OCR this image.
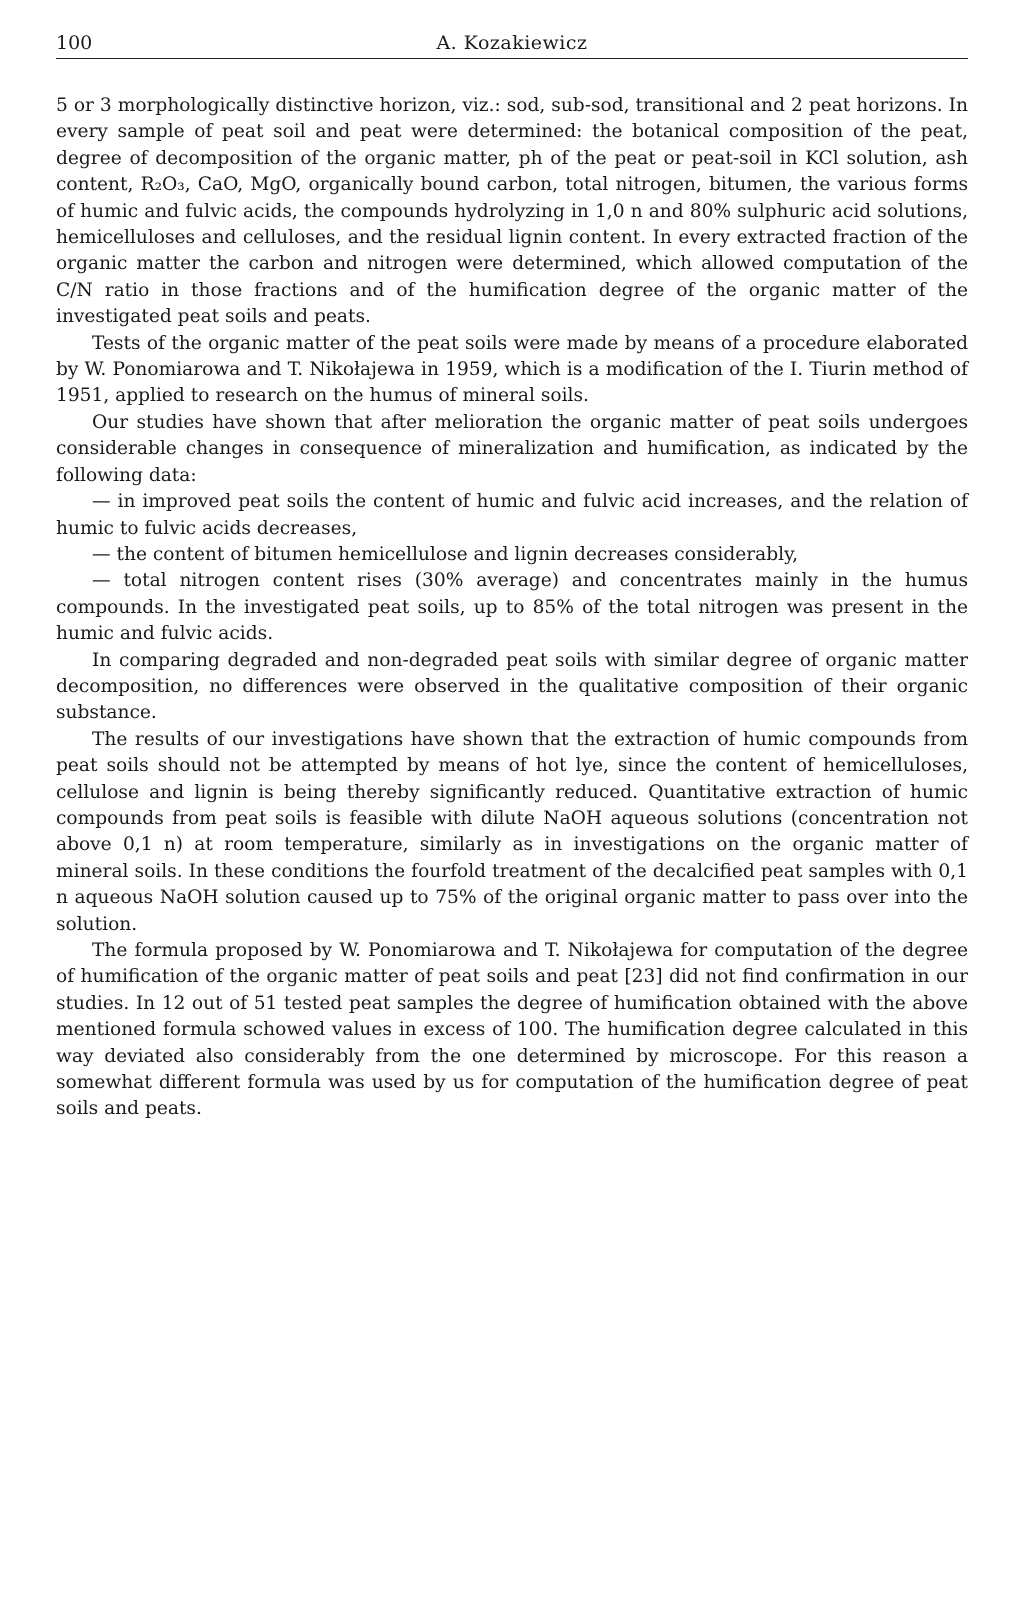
100	A. Kozakiewicz

5 or 3 morphologically distinctive horizon, viz.: sod, sub-sod, transitional and 2 peat horizons. In every sample of peat soil and peat were determined: the botanical composition of the peat, degree of decomposition of the organic matter, ph of the peat or peat-soil in KCl solution, ash content, R₂O₃, CaO, MgO, organically bound carbon, total nitrogen, bitumen, the various forms of humic and fulvic acids, the compounds hydrolyzing in 1,0 n and 80% sulphuric acid solutions, hemicelluloses and celluloses, and the residual lignin content. In every extracted fraction of the organic matter the carbon and nitrogen were determined, which allowed computation of the C/N ratio in those fractions and of the humification degree of the organic matter of the investigated peat soils and peats.

Tests of the organic matter of the peat soils were made by means of a procedure elaborated by W. Ponomiarowa and T. Nikołajewa in 1959, which is a modification of the I. Tiurin method of 1951, applied to research on the humus of mineral soils.

Our studies have shown that after melioration the organic matter of peat soils undergoes considerable changes in consequence of mineralization and humification, as indicated by the following data:

— in improved peat soils the content of humic and fulvic acid increases, and the relation of humic to fulvic acids decreases,

— the content of bitumen hemicellulose and lignin decreases considerably,

— total nitrogen content rises (30% average) and concentrates mainly in the humus compounds. In the investigated peat soils, up to 85% of the total nitrogen was present in the humic and fulvic acids.

In comparing degraded and non-degraded peat soils with similar degree of organic matter decomposition, no differences were observed in the qualitative composition of their organic substance.

The results of our investigations have shown that the extraction of humic compounds from peat soils should not be attempted by means of hot lye, since the content of hemicelluloses, cellulose and lignin is being thereby significantly reduced. Quantitative extraction of humic compounds from peat soils is feasible with dilute NaOH aqueous solutions (concentration not above 0,1 n) at room temperature, similarly as in investigations on the organic matter of mineral soils. In these conditions the fourfold treatment of the decalcified peat samples with 0,1 n aqueous NaOH solution caused up to 75% of the original organic matter to pass over into the solution.

The formula proposed by W. Ponomiarowa and T. Nikołajewa for computation of the degree of humification of the organic matter of peat soils and peat [23] did not find confirmation in our studies. In 12 out of 51 tested peat samples the degree of humification obtained with the above mentioned formula schowed values in excess of 100. The humification degree calculated in this way deviated also considerably from the one determined by microscope. For this reason a somewhat different formula was used by us for computation of the humification degree of peat soils and peats.
